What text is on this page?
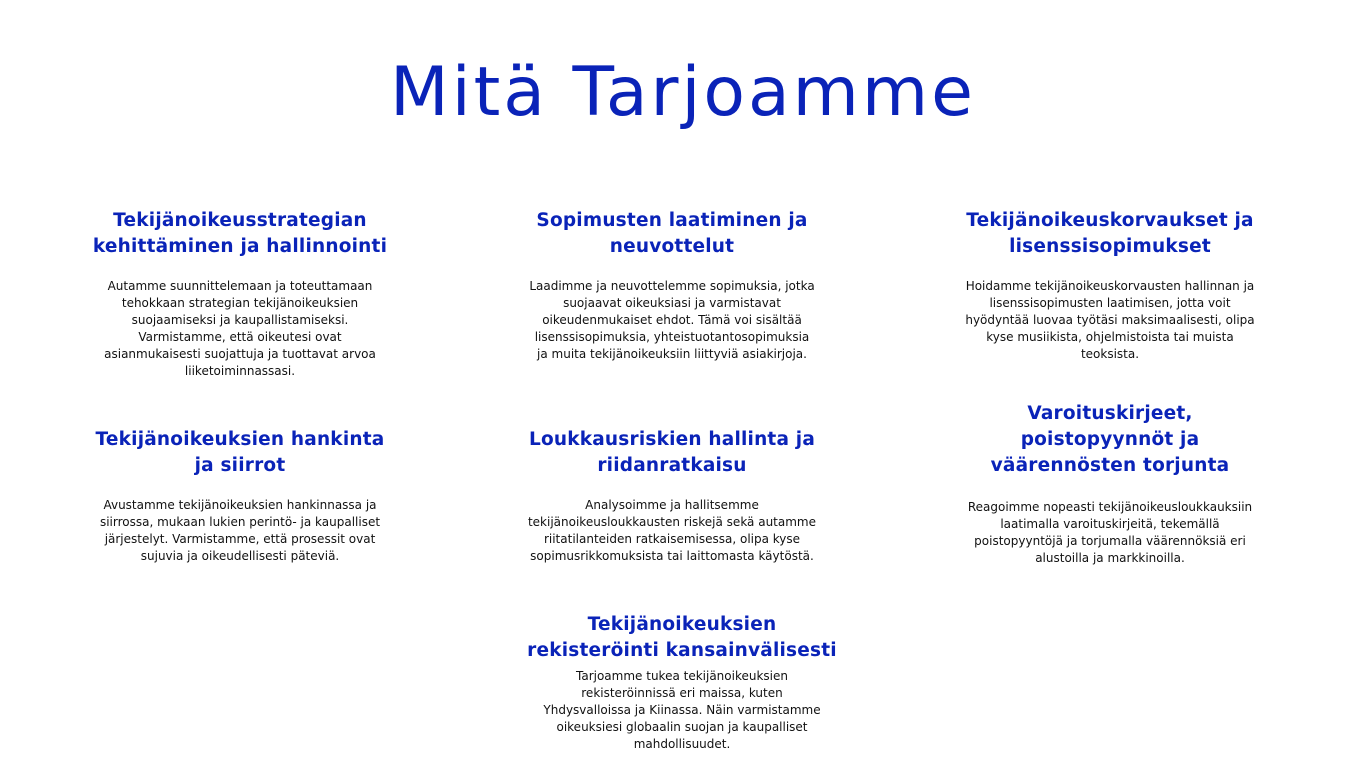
Mitä Tarjoamme
Tekijänoikeusstrategian
kehittäminen ja hallinnointi

Autamme suunnittelemaan ja toteuttamaan
tehokkaan strategian tekijänoikeuksien
suojaamiseksi ja kaupallistamiseksi.
Varmistamme, että oikeutesi ovat
asianmukaisesti suojattuja ja tuottavat arvoa
liiketoiminnassasi.

Sopimusten laatiminen ja
neuvottelut

Laadimme ja neuvottelemme sopimuksia, jotka
suojaavat oikeuksiasi ja varmistavat
oikeudenmukaiset ehdot. Tämä voi sisältää
lisenssisopimuksia, yhteistuotantosopimuksia
ja muita tekijänoikeuksiin liittyviä asiakirjoja.

Tekijänoikeuskorvaukset ja
lisenssisopimukset

Hoidamme tekijänoikeuskorvausten hallinnan ja
lisenssisopimusten laatimisen, jotta voit
hyödyntää luovaa työtäsi maksimaalisesti, olipa
kyse musiikista, ohjelmistoista tai muista
teoksista.

Tekijänoikeuksien hankinta
ja siirrot

Avustamme tekijänoikeuksien hankinnassa ja
siirrossa, mukaan lukien perintö- ja kaupalliset
järjestelyt. Varmistamme, että prosessit ovat
sujuvia ja oikeudellisesti päteviä.

Loukkausriskien hallinta ja
riidanratkaisu

Analysoimme ja hallitsemme
tekijänoikeusloukkausten riskejä sekä autamme
riitatilanteiden ratkaisemisessa, olipa kyse
sopimusrikkomuksista tai laittomasta käytöstä.

Varoituskirjeet,
poistopyynnöt ja
väärennösten torjunta

Reagoimme nopeasti tekijänoikeusloukkauksiin
laatimalla varoituskirjeitä, tekemällä
poistopyyntöjä ja torjumalla väärennöksiä eri
alustoilla ja markkinoilla.

Tekijänoikeuksien
rekisteröinti kansainvälisesti

Tarjoamme tukea tekijänoikeuksien
rekisteröinnissä eri maissa, kuten
Yhdysvalloissa ja Kiinassa. Näin varmistamme
oikeuksiesi globaalin suojan ja kaupalliset
mahdollisuudet.
